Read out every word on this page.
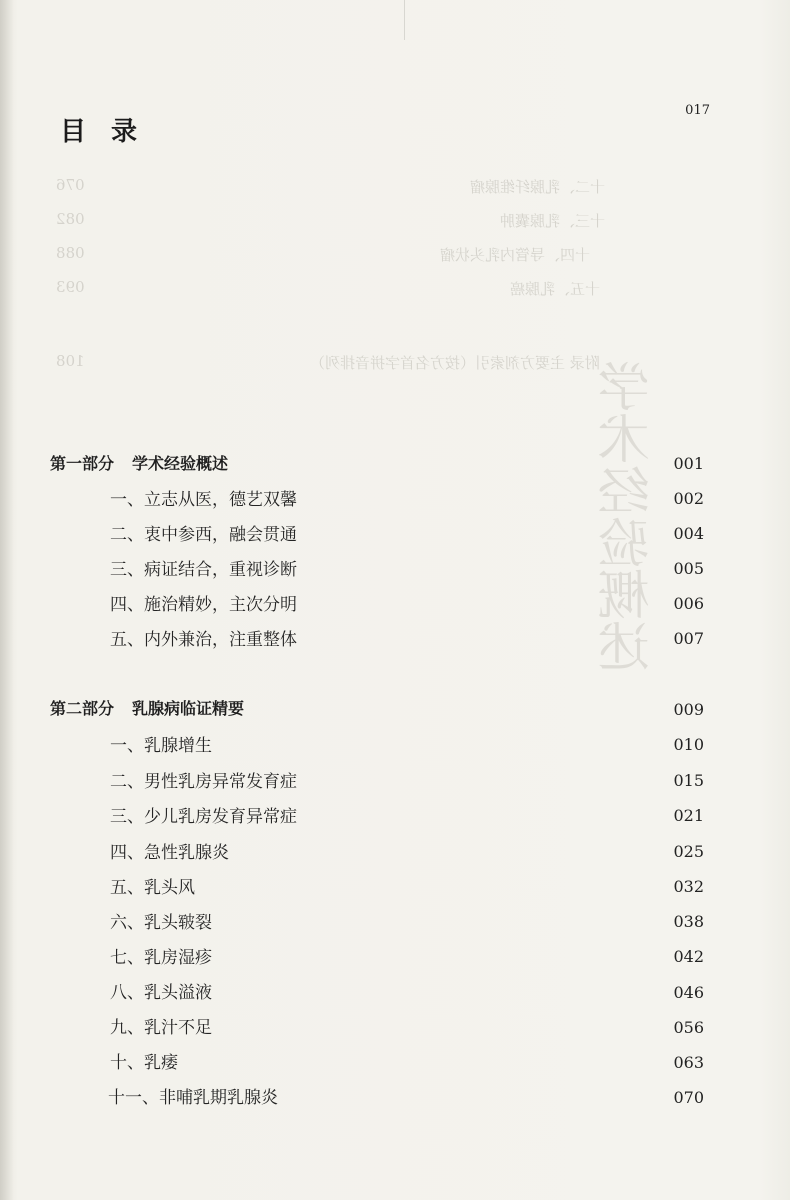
十二、乳腺纤维腺瘤
076
十三、乳腺囊肿
082
十四、导管内乳头状瘤
088
十五、乳腺癌
093
附录 主要方剂索引（按方名首字拼音排列）
108	学术经验概述
目 录
017
第一部分 学术经验概述	001
一、立志从医，德艺双馨	002
二、衷中参西，融会贯通	004
三、病证结合，重视诊断	005
四、施治精妙，主次分明	006
五、内外兼治，注重整体	007
第二部分 乳腺病临证精要	009
一、乳腺增生	010
二、男性乳房异常发育症	015
三、少儿乳房发育异常症	021
四、急性乳腺炎	025
五、乳头风	032
六、乳头皲裂	038
七、乳房湿疹	042
八、乳头溢液	046
九、乳汁不足	056
十、乳痿	063
十一、非哺乳期乳腺炎	070
